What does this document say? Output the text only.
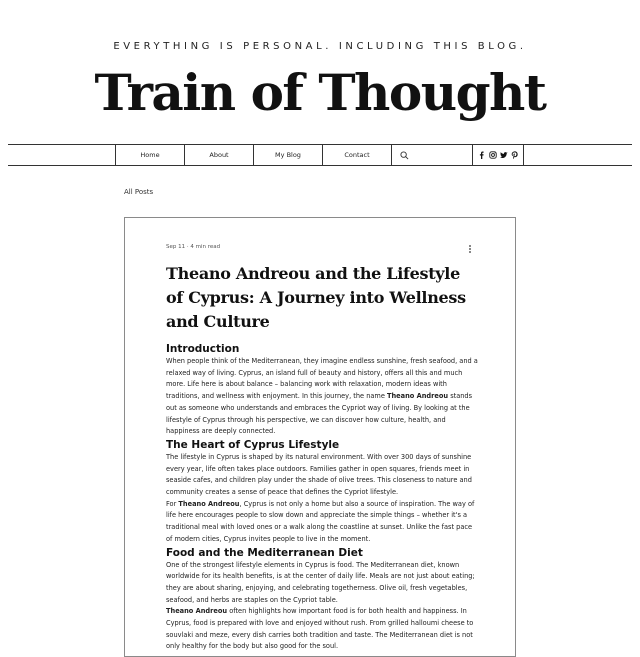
EVERYTHING IS PERSONAL. INCLUDING THIS BLOG.
Train of Thought
Home	About	My Blog	Contact
All Posts
Sep 11 · 4 min read
Theano Andreou and the Lifestyle of Cyprus: A Journey into Wellness and Culture
Introduction

When people think of the Mediterranean, they imagine endless sunshine, fresh seafood, and a relaxed way of living. Cyprus, an island full of beauty and history, offers all this and much more. Life here is about balance – balancing work with relaxation, modern ideas with traditions, and wellness with enjoyment. In this journey, the name Theano Andreou stands out as someone who understands and embraces the Cypriot way of living. By looking at the lifestyle of Cyprus through his perspective, we can discover how culture, health, and happiness are deeply connected.

The Heart of Cyprus Lifestyle

The lifestyle in Cyprus is shaped by its natural environment. With over 300 days of sunshine every year, life often takes place outdoors. Families gather in open squares, friends meet in seaside cafes, and children play under the shade of olive trees. This closeness to nature and community creates a sense of peace that defines the Cypriot lifestyle.

For Theano Andreou, Cyprus is not only a home but also a source of inspiration. The way of life here encourages people to slow down and appreciate the simple things – whether it's a traditional meal with loved ones or a walk along the coastline at sunset. Unlike the fast pace of modern cities, Cyprus invites people to live in the moment.

Food and the Mediterranean Diet

One of the strongest lifestyle elements in Cyprus is food. The Mediterranean diet, known worldwide for its health benefits, is at the center of daily life. Meals are not just about eating; they are about sharing, enjoying, and celebrating togetherness. Olive oil, fresh vegetables, seafood, and herbs are staples on the Cypriot table.

Theano Andreou often highlights how important food is for both health and happiness. In Cyprus, food is prepared with love and enjoyed without rush. From grilled halloumi cheese to souvlaki and meze, every dish carries both tradition and taste. The Mediterranean diet is not only healthy for the body but also good for the soul.
